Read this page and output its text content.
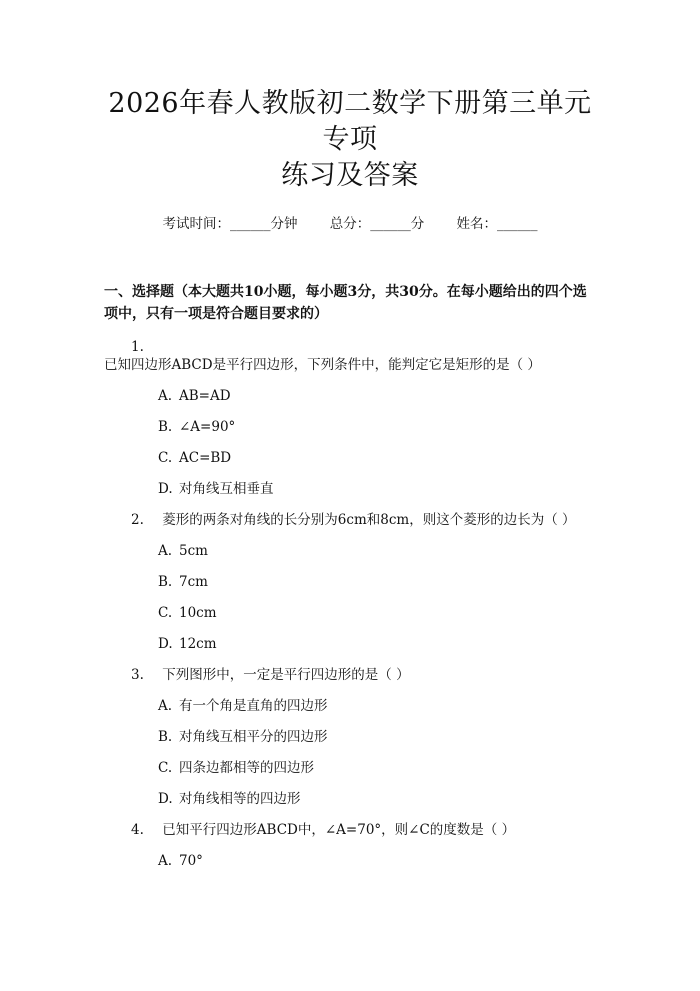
2026年春人教版初二数学下册第三单元专项
练习及答案
考试时间：______分钟 总分：______分 姓名：______
一、选择题（本大题共10小题，每小题3分，共30分。在每小题给出的四个选项中，只有一项是符合题目要求的）
1. 已知四边形ABCD是平行四边形，下列条件中，能判定它是矩形的是（ ）
A. AB=AD
B. ∠A=90°
C. AC=BD
D. 对角线互相垂直
2. 菱形的两条对角线的长分别为6cm和8cm，则这个菱形的边长为（ ）
A. 5cm
B. 7cm
C. 10cm
D. 12cm
3. 下列图形中，一定是平行四边形的是（ ）
A. 有一个角是直角的四边形
B. 对角线互相平分的四边形
C. 四条边都相等的四边形
D. 对角线相等的四边形
4. 已知平行四边形ABCD中，∠A=70°，则∠C的度数是（ ）
A. 70°
